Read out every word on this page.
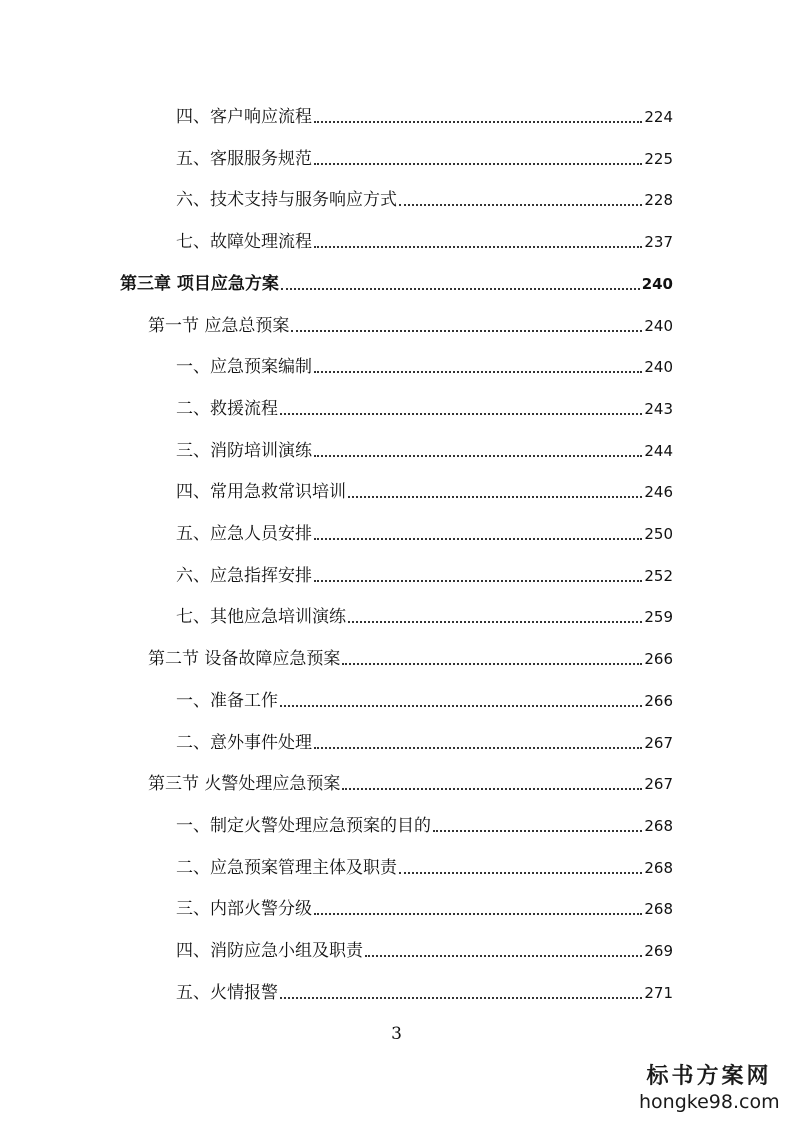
四、客户响应流程	224
五、客服服务规范	225
六、技术支持与服务响应方式	228
七、故障处理流程	237
第三章 项目应急方案	240
第一节 应急总预案	240
一、应急预案编制	240
二、救援流程	243
三、消防培训演练	244
四、常用急救常识培训	246
五、应急人员安排	250
六、应急指挥安排	252
七、其他应急培训演练	259
第二节 设备故障应急预案	266
一、准备工作	266
二、意外事件处理	267
第三节 火警处理应急预案	267
一、制定火警处理应急预案的目的	268
二、应急预案管理主体及职责	268
三、内部火警分级	268
四、消防应急小组及职责	269
五、火情报警	271
3
标书方案网
hongke98.com
